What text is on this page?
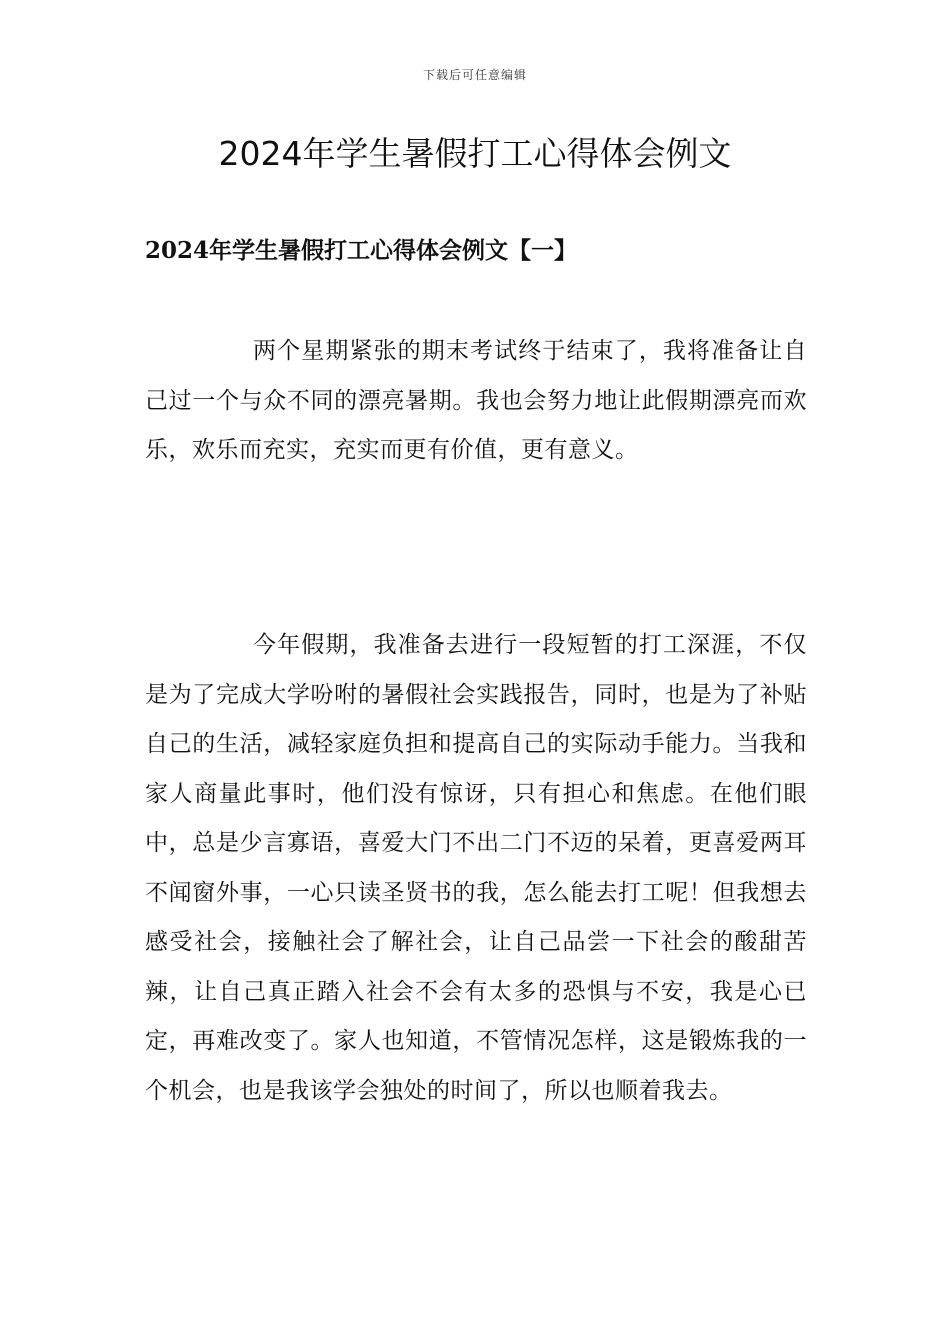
下载后可任意编辑
2024年学生暑假打工心得体会例文
2024年学生暑假打工心得体会例文【一】

两个星期紧张的期末考试终于结束了，我将准备让自己过一个与众不同的漂亮暑期。我也会努力地让此假期漂亮而欢乐，欢乐而充实，充实而更有价值，更有意义。

今年假期，我准备去进行一段短暂的打工深涯，不仅是为了完成大学吩咐的暑假社会实践报告，同时，也是为了补贴自己的生活，减轻家庭负担和提高自己的实际动手能力。当我和家人商量此事时，他们没有惊讶，只有担心和焦虑。在他们眼中，总是少言寡语，喜爱大门不出二门不迈的呆着，更喜爱两耳不闻窗外事，一心只读圣贤书的我，怎么能去打工呢！但我想去感受社会，接触社会了解社会，让自己品尝一下社会的酸甜苦辣，让自己真正踏入社会不会有太多的恐惧与不安，我是心已定，再难改变了。家人也知道，不管情况怎样，这是锻炼我的一个机会，也是我该学会独处的时间了，所以也顺着我去。
